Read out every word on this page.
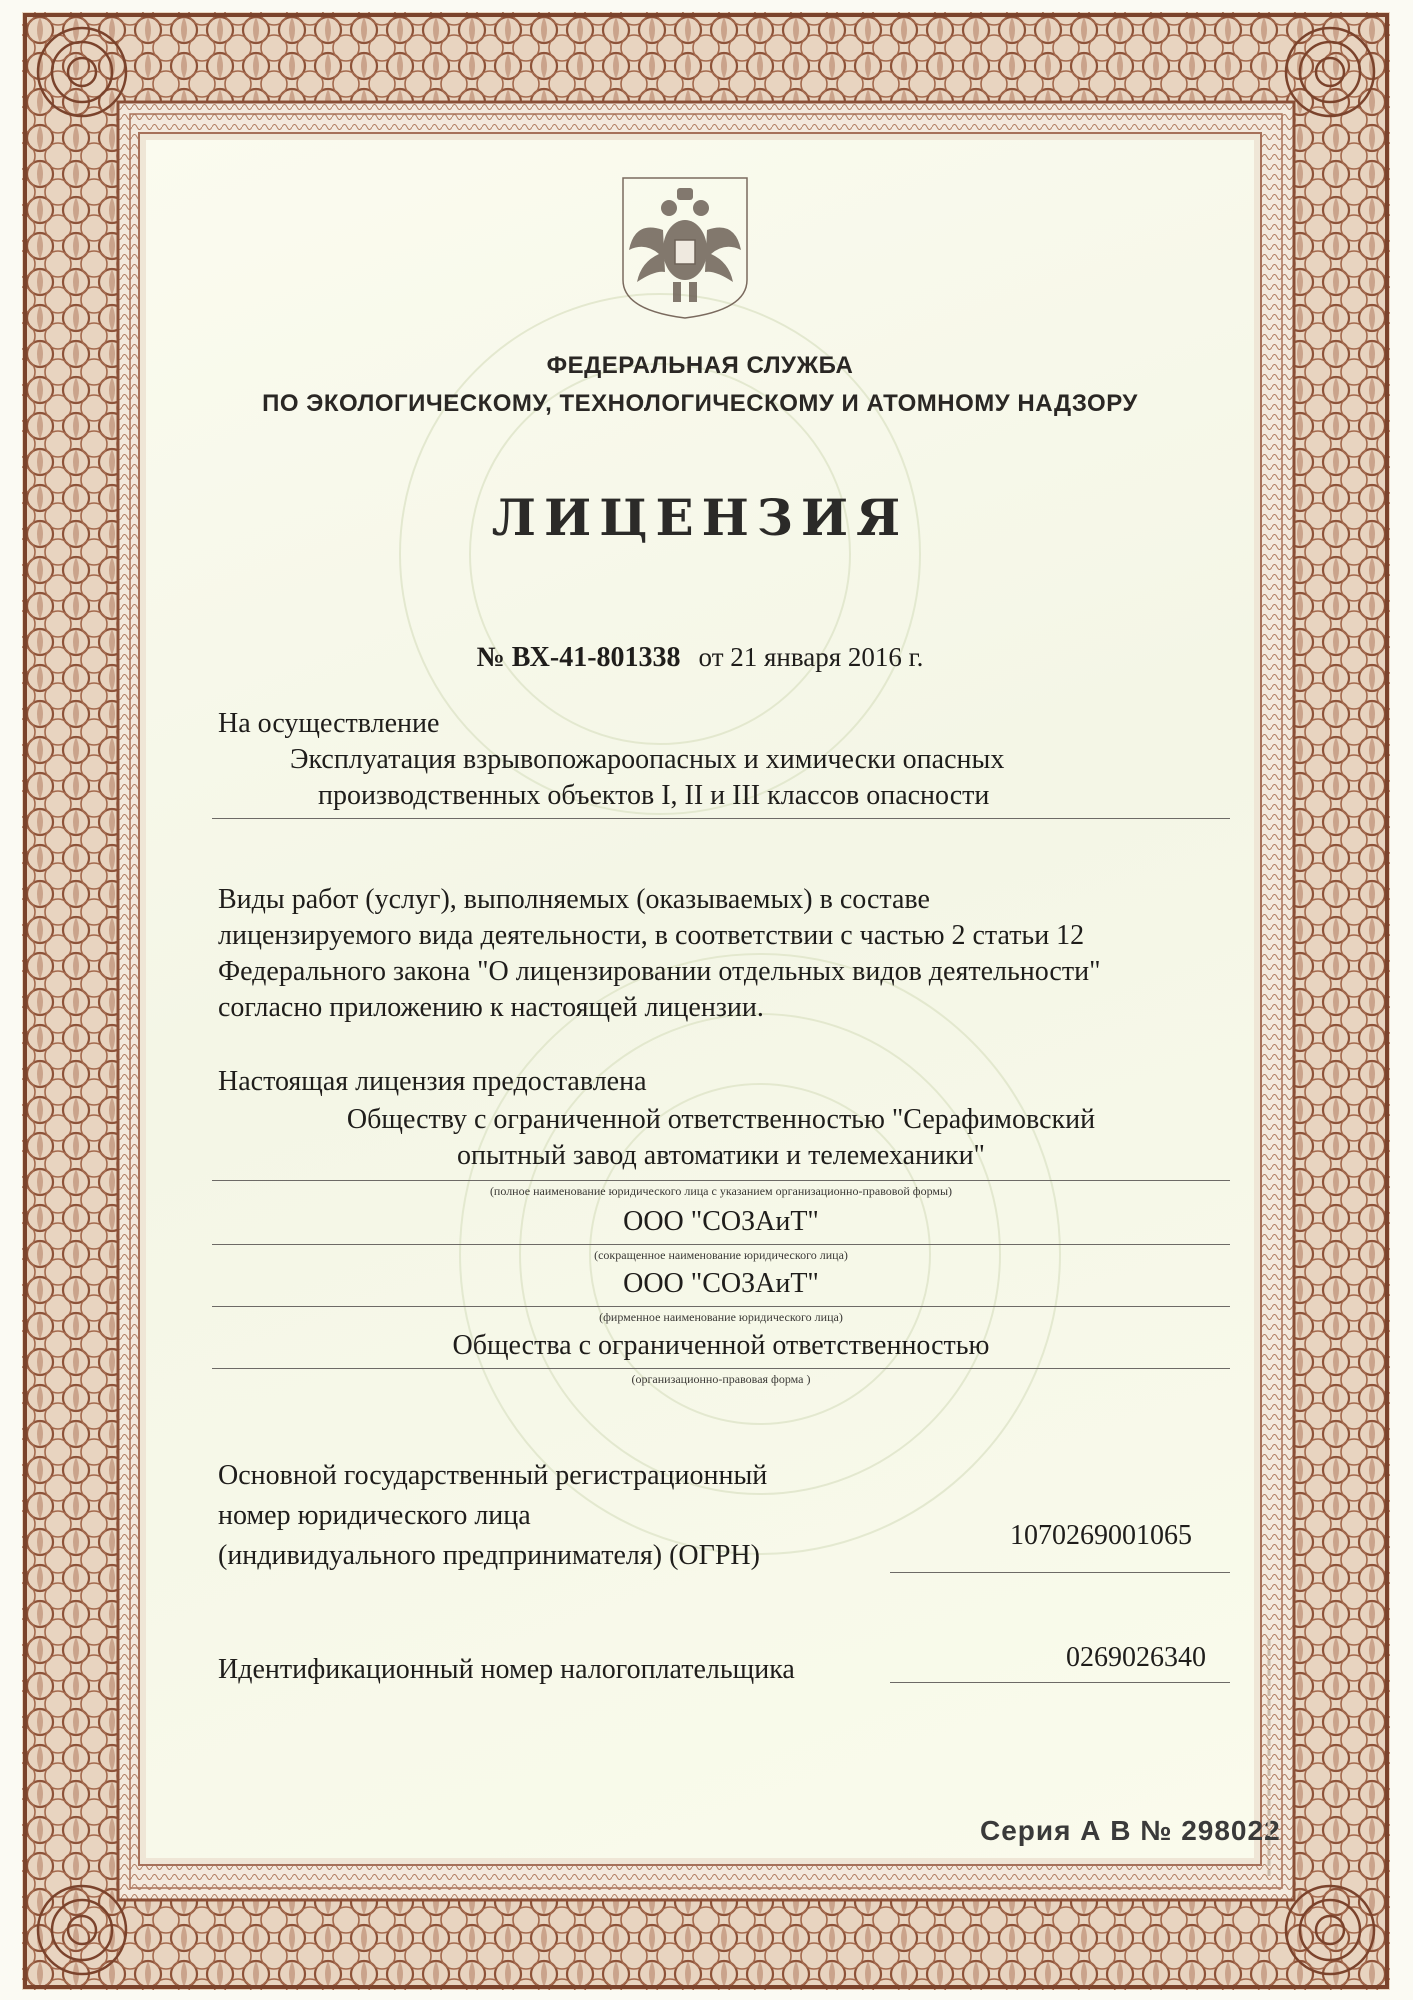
ФЕДЕРАЛЬНАЯ СЛУЖБА
ПО ЭКОЛОГИЧЕСКОМУ, ТЕХНОЛОГИЧЕСКОМУ И АТОМНОМУ НАДЗОРУ
ЛИЦЕНЗИЯ
№ ВХ-41-801338 от 21 января 2016 г.
На осуществление
Эксплуатация взрывопожароопасных и химически опасных
производственных объектов I, II и III классов опасности
Виды работ (услуг), выполняемых (оказываемых) в составе
лицензируемого вида деятельности, в соответствии с частью 2 статьи 12
Федерального закона "О лицензировании отдельных видов деятельности"
согласно приложению к настоящей лицензии.
Настоящая лицензия предоставлена
Обществу с ограниченной ответственностью "Серафимовский
опытный завод автоматики и телемеханики"
(полное наименование юридического лица с указанием организационно-правовой формы)
ООО "СОЗАиТ"
(сокращенное наименование юридического лица)
ООО "СОЗАиТ"
(фирменное наименование юридического лица)
Общества с ограниченной ответственностью
(организационно-правовая форма )
Основной государственный регистрационный
номер юридического лица
(индивидуального предпринимателя) (ОГРН)
1070269001065
Идентификационный номер налогоплательщика	0269026340
Серия А В № 298022
